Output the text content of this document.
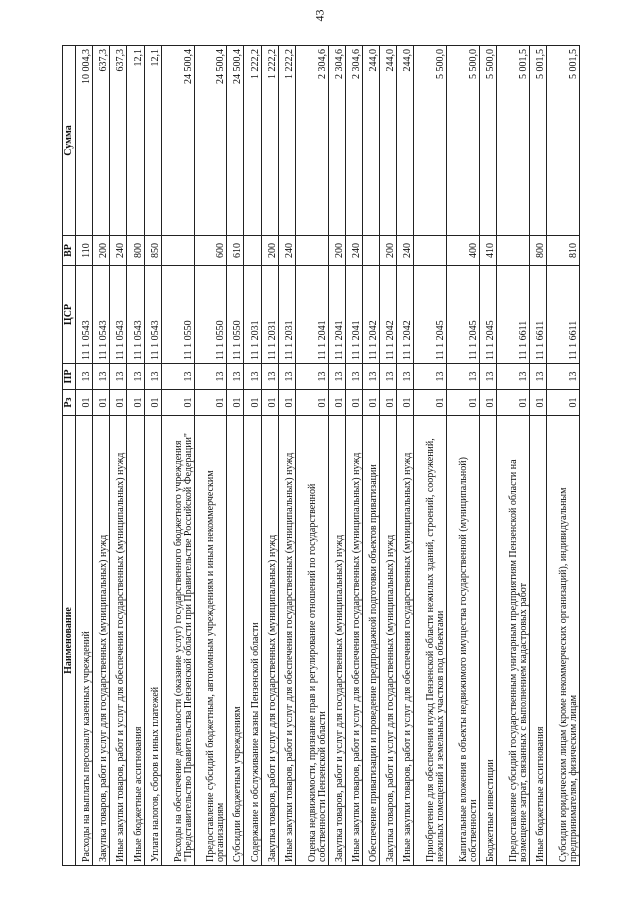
43
Наименование	Рз	ПР	ЦСР	ВР	Сумма
Расходы на выплаты персоналу казенных учреждений	01	13	11 1 0543	110	10 004,3
Закупка товаров, работ и услуг для государственных (муниципальных) нужд	01	13	11 1 0543	200	637,3
Иные закупки товаров, работ и услуг для обеспечения государственных (муниципальных) нужд	01	13	11 1 0543	240	637,3
Иные бюджетные ассигнования	01	13	11 1 0543	800	12,1
Уплата налогов, сборов и иных платежей	01	13	11 1 0543	850	12,1
Расходы на обеспечение деятельности (оказание услуг) государственного бюджетного учреждения "Представительство Правительства Пензенской области при Правительстве Российской Федерации"	01	13	11 1 0550		24 500,4
Предоставление субсидий бюджетным, автономным учреждениям и иным некоммерческим организациям	01	13	11 1 0550	600	24 500,4
Субсидии бюджетным учреждениям	01	13	11 1 0550	610	24 500,4
Содержание и обслуживание казны Пензенской области	01	13	11 1 2031		1 222,2
Закупка товаров, работ и услуг для государственных (муниципальных) нужд	01	13	11 1 2031	200	1 222,2
Иные закупки товаров, работ и услуг для обеспечения государственных (муниципальных) нужд	01	13	11 1 2031	240	1 222,2
Оценка недвижимости, признание прав и регулирование отношений по государственной собственности Пензенской области	01	13	11 1 2041		2 304,6
Закупка товаров, работ и услуг для государственных (муниципальных) нужд	01	13	11 1 2041	200	2 304,6
Иные закупки товаров, работ и услуг для обеспечения государственных (муниципальных) нужд	01	13	11 1 2041	240	2 304,6
Обеспечение приватизации и проведение предпродажной подготовки объектов приватизации	01	13	11 1 2042		244,0
Закупка товаров, работ и услуг для государственных (муниципальных) нужд	01	13	11 1 2042	200	244,0
Иные закупки товаров, работ и услуг для обеспечения государственных (муниципальных) нужд	01	13	11 1 2042	240	244,0
Приобретение для обеспечения нужд Пензенской области нежилых зданий, строений, сооружений, нежилых помещений и земельных участков под объектами	01	13	11 1 2045		5 500,0
Капитальные вложения в объекты недвижимого имущества государственной (муниципальной) собственности	01	13	11 1 2045	400	5 500,0
Бюджетные инвестиции	01	13	11 1 2045	410	5 500,0
Предоставление субсидий государственным унитарным предприятиям Пензенской области на возмещение затрат, связанных с выполнением кадастровых работ	01	13	11 1 6611		5 001,5
Иные бюджетные ассигнования	01	13	11 1 6611	800	5 001,5
Субсидии юридическим лицам (кроме некоммерческих организаций), индивидуальным предпринимателям, физическим лицам	01	13	11 1 6611	810	5 001,5
